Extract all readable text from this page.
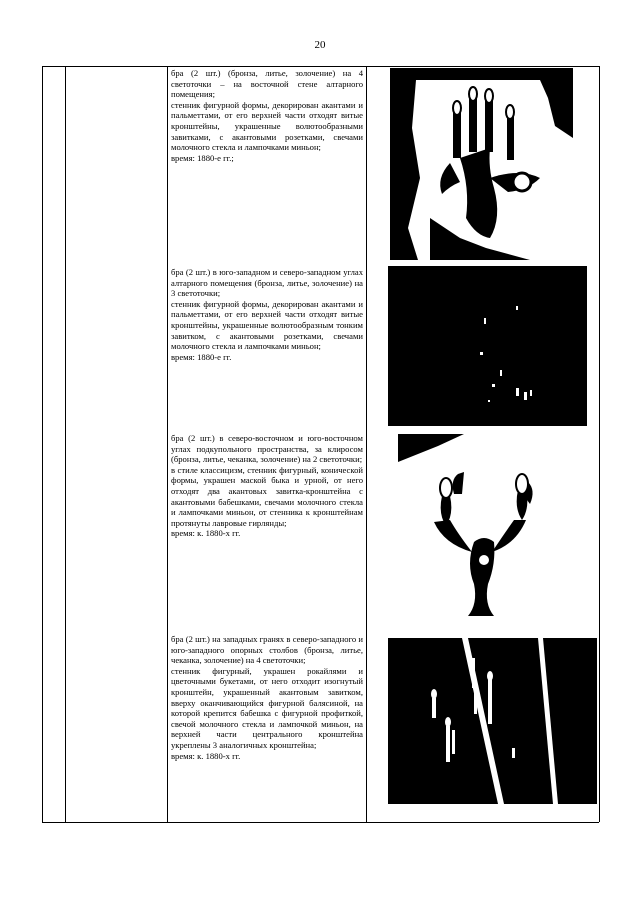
20

бра (2 шт.) (бронза, литье, золочение) на 4 светоточки – на восточной стене алтарного помещения;

стенник фигурной формы, декорирован акантами и пальметтами, от его верхней части отходят витые кронштейны, украшенные волютообразными завитками, с акантовыми розетками, свечами молочного стекла и лампочками миньон;

время: 1880-е гг.;

бра (2 шт.) в юго-западном и северо-западном углах алтарного помещения (бронза, литье, золочение) на 3 светоточки;

стенник фигурной формы, декорирован акантами и пальметтами, от его верхней части отходят витые кронштейны, украшенные волютообразным тонким завитком, с акантовыми розетками, свечами молочного стекла и лампочками миньон;

время: 1880-е гг.

бра (2 шт.) в северо-восточном и юго-восточном углах подкупольного пространства, за клиросом (бронза, литье, чеканка, золочение) на 2 светоточки;

в стиле классицизм, стенник фигурный, конической формы, украшен маской быка и урной, от него отходят два акантовых завитка-кронштейна с акантовыми бабешками, свечами молочного стекла и лампочками миньон, от стенника к кронштейнам протянуты лавровые гирлянды;

время: к. 1880-х гг.

бра (2 шт.) на западных гранях в северо-западного и юго-западного опорных столбов (бронза, литье, чеканка, золочение) на 4 светоточки;

стенник фигурный, украшен рокайлями и цветочными букетами, от него отходит изогнутый кронштейн, украшенный акантовым завитком, вверху оканчивающийся фигурной балясиной, на которой крепится бабешка с фигурной профиткой, свечой молочного стекла и лампочкой миньон, на верхней части центрального кронштейна укреплены 3 аналогичных кронштейна;

время: к. 1880-х гг.
